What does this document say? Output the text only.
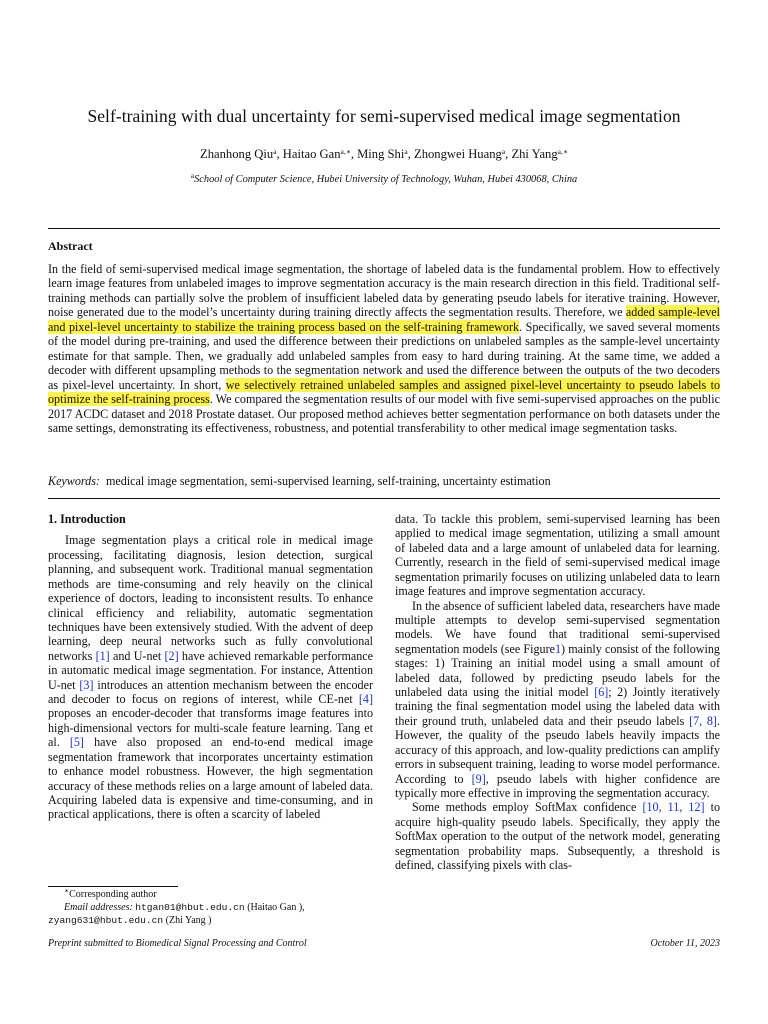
Self-training with dual uncertainty for semi-supervised medical image segmentation
Zhanhong Qiu$^a$, Haitao Gan$^{a,∗}$, Ming Shi$^a$, Zhongwei Huang$^a$, Zhi Yang$^{a,∗}$
$^a$School of Computer Science, Hubei University of Technology, Wuhan, Hubei 430068, China
Abstract

In the field of semi-supervised medical image segmentation, the shortage of labeled data is the fundamental problem. How to effectively learn image features from unlabeled images to improve segmentation accuracy is the main research direction in this field. Traditional self-training methods can partially solve the problem of insufficient labeled data by generating pseudo labels for iterative training. However, noise generated due to the model’s uncertainty during training directly affects the segmentation results. Therefore, we added sample-level and pixel-level uncertainty to stabilize the training process based on the self-training framework. Specifically, we saved several moments of the model during pre-training, and used the difference between their predictions on unlabeled samples as the sample-level uncertainty estimate for that sample. Then, we gradually add unlabeled samples from easy to hard during training. At the same time, we added a decoder with different upsampling methods to the segmentation network and used the difference between the outputs of the two decoders as pixel-level uncertainty. In short, we selectively retrained unlabeled samples and assigned pixel-level uncertainty to pseudo labels to optimize the self-training process. We compared the segmentation results of our model with five semi-supervised approaches on the public 2017 ACDC dataset and 2018 Prostate dataset. Our proposed method achieves better segmentation performance on both datasets under the same settings, demonstrating its effectiveness, robustness, and potential transferability to other medical image segmentation tasks.

Keywords: medical image segmentation, semi-supervised learning, self-training, uncertainty estimation

1. Introduction

Image segmentation plays a critical role in medical image processing, facilitating diagnosis, lesion detection, surgical planning, and subsequent work. Traditional manual segmentation methods are time-consuming and rely heavily on the clinical experience of doctors, leading to inconsistent results. To enhance clinical efficiency and reliability, automatic segmentation techniques have been extensively studied. With the advent of deep learning, deep neural networks such as fully convolutional networks [1] and U-net [2] have achieved remarkable performance in automatic medical image segmentation. For instance, Attention U-net [3] introduces an attention mechanism between the encoder and decoder to focus on regions of interest, while CE-net [4] proposes an encoder-decoder that transforms image features into high-dimensional vectors for multi-scale feature learning. Tang et al. [5] have also proposed an end-to-end medical image segmentation framework that incorporates uncertainty estimation to enhance model robustness. However, the high segmentation accuracy of these methods relies on a large amount of labeled data. Acquiring labeled data is expensive and time-consuming, and in practical applications, there is often a scarcity of labeled

data. To tackle this problem, semi-supervised learning has been applied to medical image segmentation, utilizing a small amount of labeled data and a large amount of unlabeled data for learning. Currently, research in the field of semi-supervised medical image segmentation primarily focuses on utilizing unlabeled data to learn image features and improve segmentation accuracy.

In the absence of sufficient labeled data, researchers have made multiple attempts to develop semi-supervised segmentation models. We have found that traditional semi-supervised segmentation models (see Figure1) mainly consist of the following stages: 1) Training an initial model using a small amount of labeled data, followed by predicting pseudo labels for the unlabeled data using the initial model [6]; 2) Jointly iteratively training the final segmentation model using the labeled data with their ground truth, unlabeled data and their pseudo labels [7, 8]. However, the quality of the pseudo labels heavily impacts the accuracy of this approach, and low-quality predictions can amplify errors in subsequent training, leading to worse model performance. According to [9], pseudo labels with higher confidence are typically more effective in improving the segmentation accuracy.

Some methods employ SoftMax confidence [10, 11, 12] to acquire high-quality pseudo labels. Specifically, they apply the SoftMax operation to the output of the network model, generating segmentation probability maps. Subsequently, a threshold is defined, classifying pixels with clas-

∗Corresponding author
Email addresses: htgan01@hbut.edu.cn (Haitao Gan ),
zyang631@hbut.edu.cn (Zhi Yang )
Preprint submitted to Biomedical Signal Processing and Control	October 11, 2023
